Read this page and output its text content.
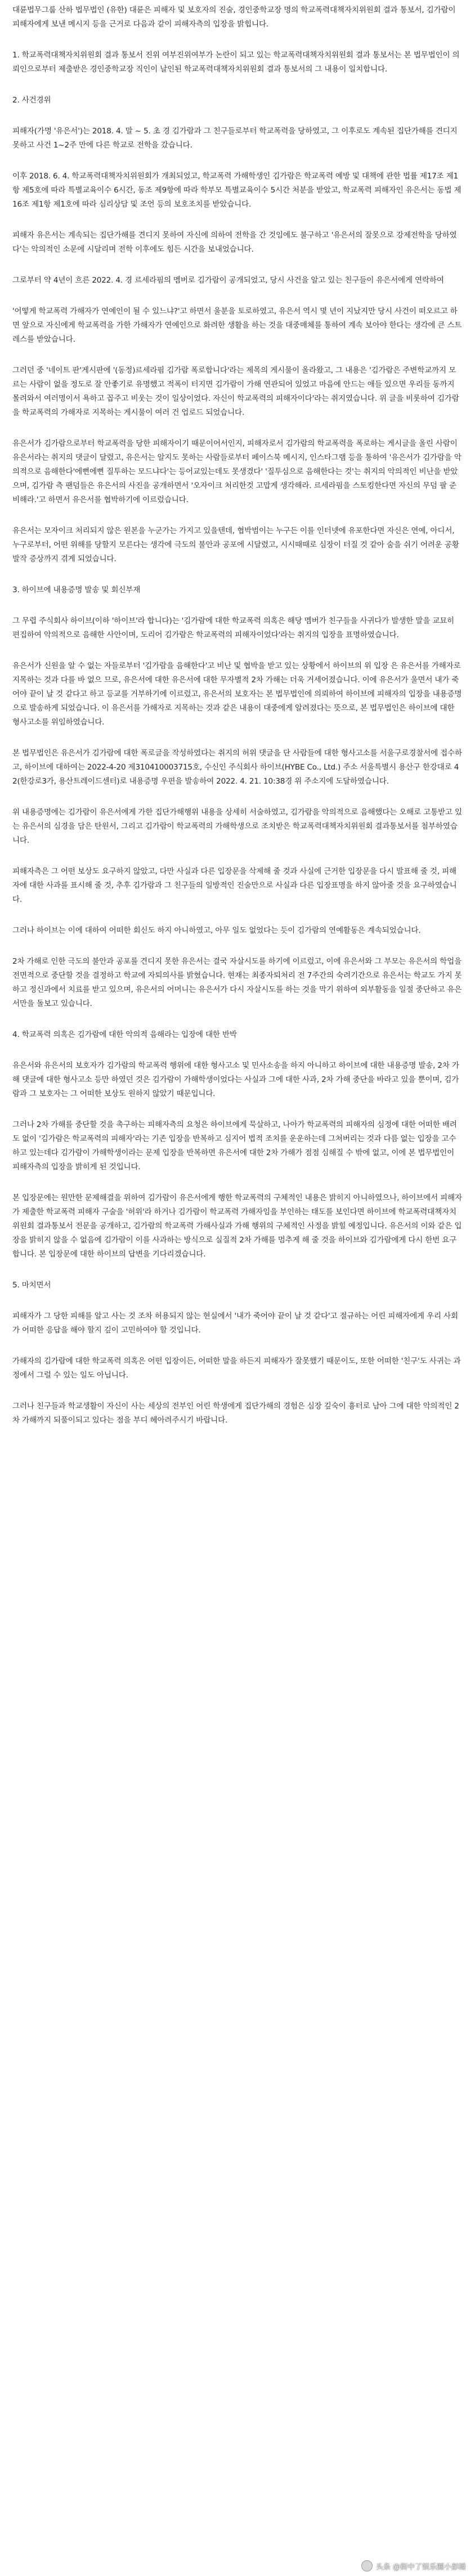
대륜법무그룹 산하 법무법인 (유한) 대륜은 피해자 및 보호자의 진술, 경인중학교장 명의 학교폭력대책자치위원회 결과 통보서, 김가람이 피해자에게 보낸 메시지 등을 근거로 다음과 같이 피해자측의 입장을 밝힙니다.

1. 학교폭력대책자치위원회 결과 통보서 진위 여부진위여부가 논란이 되고 있는 학교폭력대책자치위원회 결과 통보서는 본 법무법인이 의뢰인으로부터 제출받은 경인중학교장 직인이 날인된 학교폭력대책자치위원회 결과 통보서의 그 내용이 일치합니다.

2. 사건경위

피해자(가명 '유은서')는 2018. 4. 말 ~ 5. 초 경 김가람과 그 친구들로부터 학교폭력을 당하였고, 그 이후로도 계속된 집단가해를 견디지 못하고 사건 1~2주 만에 다른 학교로 전학을 갔습니다.

이후 2018. 6. 4. 학교폭력대책자치위원회가 개최되었고, 학교폭력 가해학생인 김가람은 학교폭력 예방 및 대책에 관한 법률 제17조 제1항 제5호에 따라 특별교육이수 6시간, 동조 제9항에 따라 학부모 특별교육이수 5시간 처분을 받았고, 학교폭력 피해자인 유은서는 동법 제 16조 제1항 제1호에 따라 심리상담 및 조언 등의 보호조치를 받았습니다.

피해자 유은서는 계속되는 집단가해를 견디지 못하여 자신에 의하여 전학을 간 것임에도 불구하고 '유은서의 잘못으로 강제전학을 당하였다'는 악의적인 소문에 시달리며 전학 이후에도 힘든 시간을 보내었습니다.

그로부터 약 4년이 흐른 2022. 4. 경 르세라핌의 멤버로 김가람이 공개되었고, 당시 사건을 알고 있는 친구들이 유은서에게 연락하여

'어떻게 학교폭력 가해자가 연예인이 될 수 있느냐?'고 하면서 울분을 토로하였고, 유은서 역시 몇 년이 지났지만 당시 사건이 떠오르고 하면 앞으로 자신에게 학교폭력을 가한 가해자가 연예인으로 화려한 생활을 하는 것을 대중매체를 통하여 계속 보아야 한다는 생각에 큰 스트레스를 받았습니다.

그러던 중 '네이트 판'게시판에 '(동정)르세라핌 김가람 폭로합니다'라는 제목의 게시물이 올라왔고, 그 내용은 '김가람은 주변학교까지 모르는 사람이 없을 정도로 잘 안좋기로 유명했고 적폭이 터지면 김가람이 가해 연관되어 있었고 마음에 안드는 애들 있으면 우리들 동까지 몰려와서 여러명이서 욕하고 꼽주고 비웃는 것이 일상이었다. 자신이 학교폭력의 피해자이다'라는 취지였습니다. 위 글을 비롯하여 김가람을 학교폭력의 가해자로 지목하는 게시물이 여러 건 업로드 되었습니다.

유은서가 김가람으로부터 학교폭력을 당한 피해자이기 때문이어서인지, 피해자로서 김가람의 학교폭력을 폭로하는 게시글을 올린 사람이 유은서라는 취지의 댓글이 달렸고, 유은서는 알지도 못하는 사람들로부터 페이스북 메시지, 인스타그램 등을 통하여 '유은서가 김가람을 악의적으로 음해한다'에뻔에뻔 질투하는 모드냐다'는 등어교있는데도 못생겼다' '질투심으로 음해한다는 것'는 취지의 악의적인 비난을 받았으며, 김가람 측 팬덤들은 유은서의 사진을 공개하면서 '오자이크 처리한것 고맙게 생각해라. 르세라핌을 스토킹한다면 자신의 무덤 팔 준비해라.'고 하면서 유은서를 협박하기에 이르렀습니다.

유은서는 모자이크 처리되지 않은 원본을 누군가는 가지고 있을텐데, 협박범이는 누구든 이를 인터넷에 유포한다면 자신은 연예, 아디서, 누구로부터, 어떤 위해를 당할지 모른다는 생각에 극도의 불안과 공포에 시달렸고, 시시때때로 심장이 터질 것 같아 숨을 쉬기 어려운 공황발작 증상까지 겪게 되었습니다.

3. 하이브에 내용증명 발송 및 회신부재

그 무렵 주식회사 하이브(이하 '하이브'라 합니다)는 '김가람에 대한 학교폭력 의혹은 해당 멤버가 친구들을 사귀다가 발생한 말을 교묘히 편집하여 악의적으로 음해한 사안이며, 도리어 김가람은 학교폭력의 피해자이었다'라는 취지의 입장을 표명하였습니다.

유은서가 신원을 알 수 없는 자들로부터 '김가람을 음해한다'고 비난 및 협박을 받고 있는 상황에서 하이브의 위 입장 은 유은서를 가해자로 지목하는 것과 다를 바 없으 므로, 유은서에 대한 유은서에 대한 무자별적 2차 가해는 더욱 거세어졌습니다. 이에 유은서가 울면서 내가 죽어야 끝이 날 것 같다고 하고 등교를 거부하기에 이르렀고, 유은서의 보호자는 본 법무법인에 의뢰하여 하이브에 피해자의 입장을 내용증명으로 발송하게 되었습니다. 이 유은서를 가해자로 지목하는 것과 같은 내용이 대중에게 알려졌다는 뜻으로, 본 법무법인은 하이브에 대한 형사고소를 위임하였습니다.

본 법무법인은 유은서가 김가람에 대한 폭로글을 작성하였다는 취지의 허위 댓글을 단 사람들에 대한 형사고소를 서울구로경찰서에 접수하고, 하이브에 대하여는 2022-4-20 제310410003715호, 수신인 주식회사 하이브(HYBE Co., Ltd.) 주소 서울특별시 용산구 한강대로 42(한강로3가, 용산트레이드센터)로 내용증명 우편을 발송하여 2022. 4. 21. 10:38경 위 주소지에 도달하였습니다.

위 내용증명에는 김가람이 유은서에게 가한 집단가해행위 내용을 상세히 서술하였고, 김가람을 악의적으로 음해했다는 오해로 고통받고 있는 유은서의 심경을 담은 탄원서, 그리고 김가람이 학교폭력의 가해학생으로 조치받은 학교폭력대책자치위원회 결과통보서를 첨부하였습니다.

피해자측은 그 어떤 보상도 요구하지 않았고, 다만 사실과 다른 입장문을 삭제해 줄 것과 사실에 근거한 입장문을 다시 발표해 줄 것, 피해자에 대한 사과를 표시해 줄 것, 추후 김가람과 그 친구들의 일방적인 진술만으로 사실과 다른 입장표명을 하지 않아줄 것을 요구하였습니다.

그러나 하이브는 이에 대하여 어떠한 회신도 하지 아니하였고, 아무 일도 없었다는 듯이 김가람의 연예활동은 계속되었습니다.

2차 가해로 인한 극도의 불안과 공포를 견디지 못한 유은서는 결국 자살시도를 하기에 이르렀고, 이에 유은서와 그 부모는 유은서의 학업을 전면적으로 중단할 것을 결정하고 학교에 자퇴의사를 밝혔습니다. 현재는 최종자퇴처리 전 7주간의 숙려기간으로 유은서는 학교도 가지 못하고 정신과에서 치료를 받고 있으며, 유은서의 어머니는 유은서가 다시 자살시도를 하는 것을 막기 위하여 외부활동을 일절 중단하고 유은서만을 돌보고 있습니다.

4. 학교폭력 의혹은 김가람에 대한 악의적 음해라는 입장에 대한 반박

유은서와 유은서의 보호자가 김가람의 학교폭력 행위에 대한 형사고소 및 민사소송을 하지 아니하고 하이브에 대한 내용증명 발송, 2차 가해 댓글에 대한 형사고소 등만 하였던 것은 김가람이 가해학생이었다는 사실과 그에 대한 사과, 2차 가해 중단을 바라고 있을 뿐이며, 김가람과 그 보호자는 그 어떠한 보상도 원하지 않았기 때문입니다.

그러나 2차 가해를 중단할 것을 촉구하는 피해자측의 요청은 하이브에게 묵살하고, 나아가 학교폭력의 피해자의 심정에 대한 어떠한 배려도 없이 '김가람은 학교폭력의 피해자'라는 기존 입장을 반복하고 심지어 법적 조치를 운운하는데 그쳐버리는 것과 다름 없는 입장을 고수하고 있는데다 김가람이 가해학생이라는 문제 입장을 반복하면 유은서에 대한 2차 가해가 점점 심해질 수 밖에 없고, 이에 본 법무법인이 피해자측의 입장을 밝히게 된 것입니다.

본 입장문에는 원만한 문제해결을 위하여 김가람이 유은서에게 행한 학교폭력의 구체적인 내용은 밝히지 아니하였으나, 하이브에서 피해자가 제출한 학교폭력 피해자 구술을 '허위'라 하거나 김가람이 학교폭력 가해자임을 부인하는 태도를 보인다면 하이브에 학교폭력대책자치위원회 결과통보서 전문을 공개하고, 김가람의 학교폭력 가해사실과 가해 행위의 구체적인 사정을 밝힐 예정입니다. 유은서의 이와 같은 입장을 밝히지 않을 수 없음에 김가람이 이를 사과하는 방식으로 실질적 2차 가해를 멈추게 해 줄 것을 하이브와 김가람에게 다시 한번 요구합니다. 본 입장문에 대한 하이브의 답변을 기다리겠습니다.

5. 마치면서

피해자가 그 당한 피해를 알고 사는 것 조차 허용되지 않는 현실에서 '내가 죽어야 끝이 날 것 같다'고 절규하는 어린 피해자에게 우리 사회가 어떠한 응답을 해야 할지 깊이 고민하여야 할 것입니다.

가해자의 김가람에 대한 학교폭력 의혹은 어떤 입장이든, 어떠한 말을 하든지 피해자가 잘못했기 때문이도, 또한 어떠한 '친구'도 사귀는 과정에서 그럴 수 있는 일도 아닙니다.

그러나 친구들과 학교생활이 자신이 사는 세상의 전부인 어린 학생에게 집단가해의 경험은 심장 깊숙이 흉터로 남아 그에 대한 악의적인 2차 가해까지 되풀이되고 있다는 점을 부디 헤아려주시기 바랍니다.

头条 @街中了娱乐圈小彭睡
